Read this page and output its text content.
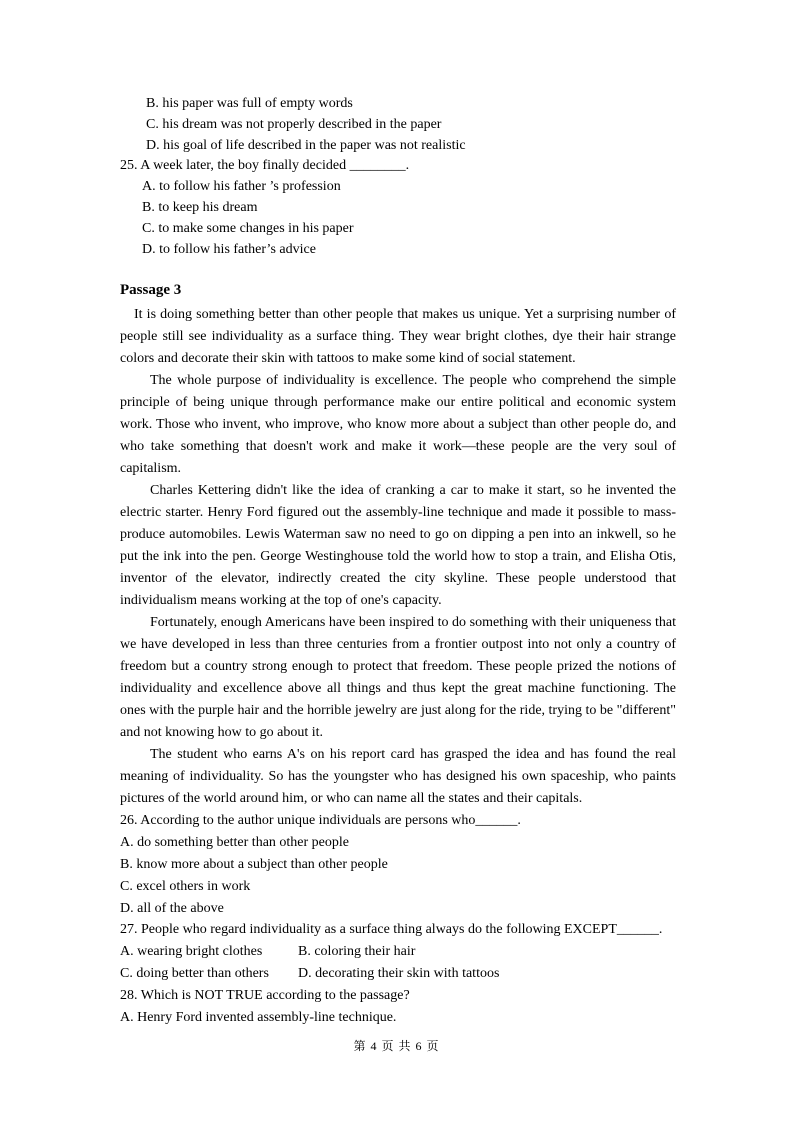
B. his paper was full of empty words
C. his dream was not properly described in the paper
D. his goal of life described in the paper was not realistic
25. A week later, the boy finally decided ________.
A. to follow his father ’s profession
B. to keep his dream
C. to make some changes in his paper
D. to follow his father’s advice
Passage 3

It is doing something better than other people that makes us unique. Yet a surprising number of people still see individuality as a surface thing. They wear bright clothes, dye their hair strange colors and decorate their skin with tattoos to make some kind of social statement.

The whole purpose of individuality is excellence. The people who comprehend the simple principle of being unique through performance make our entire political and economic system work. Those who invent, who improve, who know more about a subject than other people do, and who take something that doesn't work and make it work—these people are the very soul of capitalism.

Charles Kettering didn't like the idea of cranking a car to make it start, so he invented the electric starter. Henry Ford figured out the assembly-line technique and made it possible to mass-produce automobiles. Lewis Waterman saw no need to go on dipping a pen into an inkwell, so he put the ink into the pen. George Westinghouse told the world how to stop a train, and Elisha Otis, inventor of the elevator, indirectly created the city skyline. These people understood that individualism means working at the top of one's capacity.

Fortunately, enough Americans have been inspired to do something with their uniqueness that we have developed in less than three centuries from a frontier outpost into not only a country of freedom but a country strong enough to protect that freedom. These people prized the notions of individuality and excellence above all things and thus kept the great machine functioning. The ones with the purple hair and the horrible jewelry are just along for the ride, trying to be "different" and not knowing how to go about it.

The student who earns A's on his report card has grasped the idea and has found the real meaning of individuality. So has the youngster who has designed his own spaceship, who paints pictures of the world around him, or who can name all the states and their capitals.

26. According to the author unique individuals are persons who______.
A. do something better than other people
B. know more about a subject than other people
C. excel others in work
D. all of the above
27. People who regard individuality as a surface thing always do the following EXCEPT______.
A. wearing bright clothes	B. coloring their hair
C. doing better than others	D. decorating their skin with tattoos
28. Which is NOT TRUE according to the passage?
A. Henry Ford invented assembly-line technique.
第 4 页 共 6 页
